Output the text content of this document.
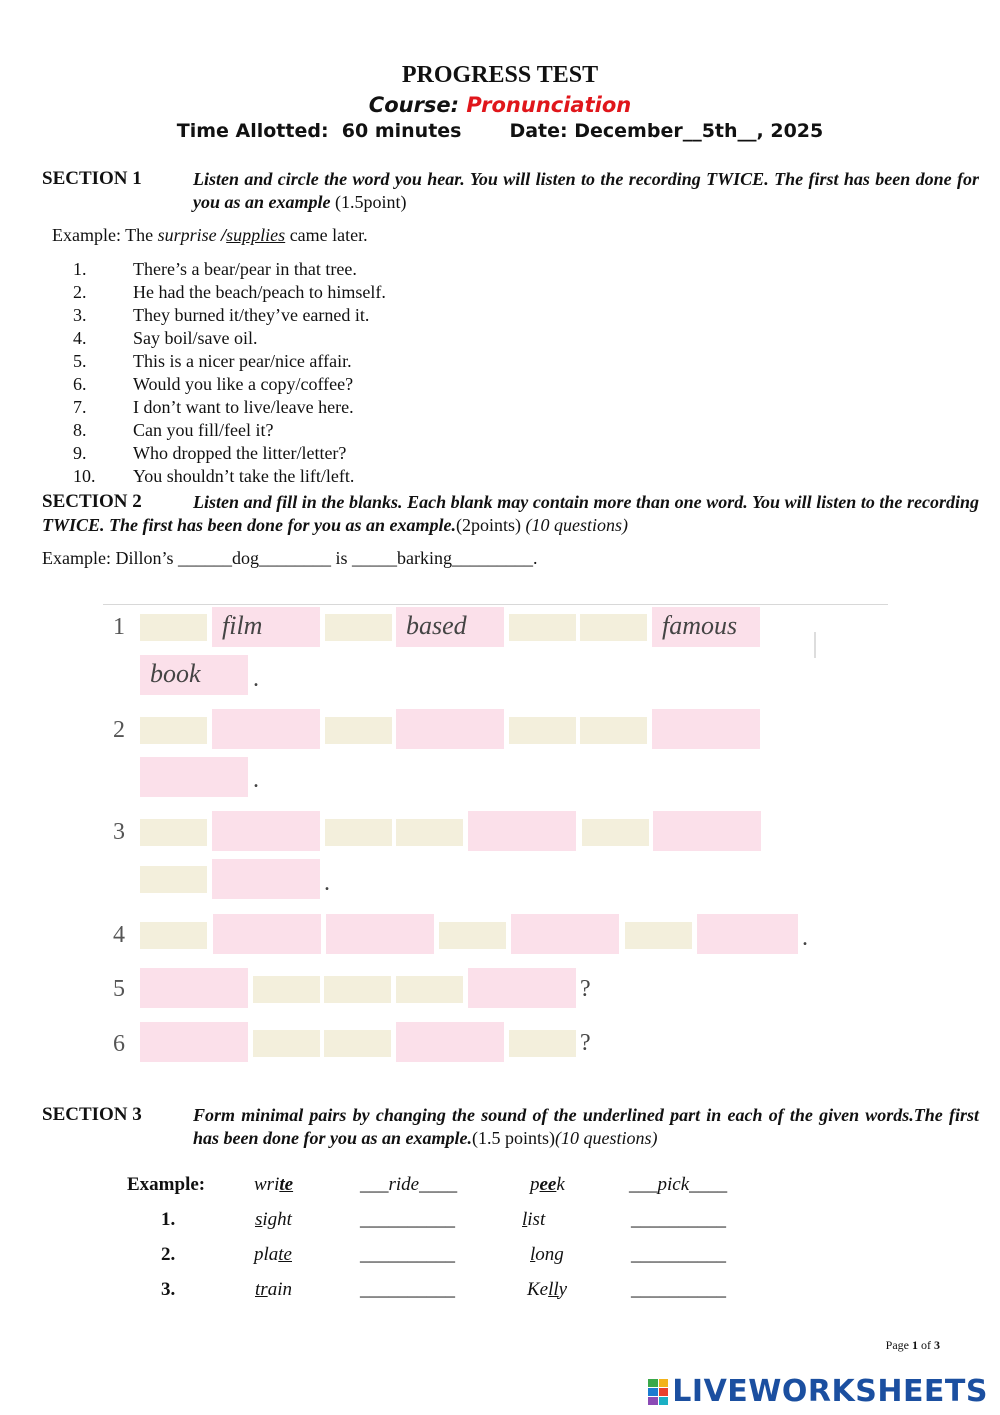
PROGRESS TEST
Course: Pronunciation
Time Allotted:  60 minutes	Date: December__5th__, 2025
SECTION 1	Listen and circle the word you hear. You will listen to the recording TWICE. The first has been done for you as an example (1.5point)
Example: The surprise /supplies came later.
1.	There’s a bear/pear in that tree.
2.	He had the beach/peach to himself.
3.	They burned it/they’ve earned it.
4.	Say boil/save oil.
5.	This is a nicer pear/nice affair.
6.	Would you like a copy/coffee?
7.	I don’t want to live/leave here.
8.	Can you fill/feel it?
9.	Who dropped the litter/letter?
10. You shouldn’t take the lift/left.
SECTION 2	Listen and fill in the blanks. Each blank may contain more than one word. You will listen to the recording TWICE. The first has been done for you as an example.(2points) (10 questions)
Example: Dillon’s ______dog________ is _____barking_________.
1	film	based	famous
book	.
2
.
3
.
4	.
5	?
6	?
SECTION 3	Form minimal pairs by changing the sound of the underlined part in each of the given words.The first has been done for you as an example.(1.5 points)(10 questions)
Example:	write	___ride____	peek	___pick____
1.	sight	__________	list	__________
2.	plate	__________	long	__________
3.	train	__________	Kelly	__________
Page 1 of 3
LIVEWORKSHEETS
